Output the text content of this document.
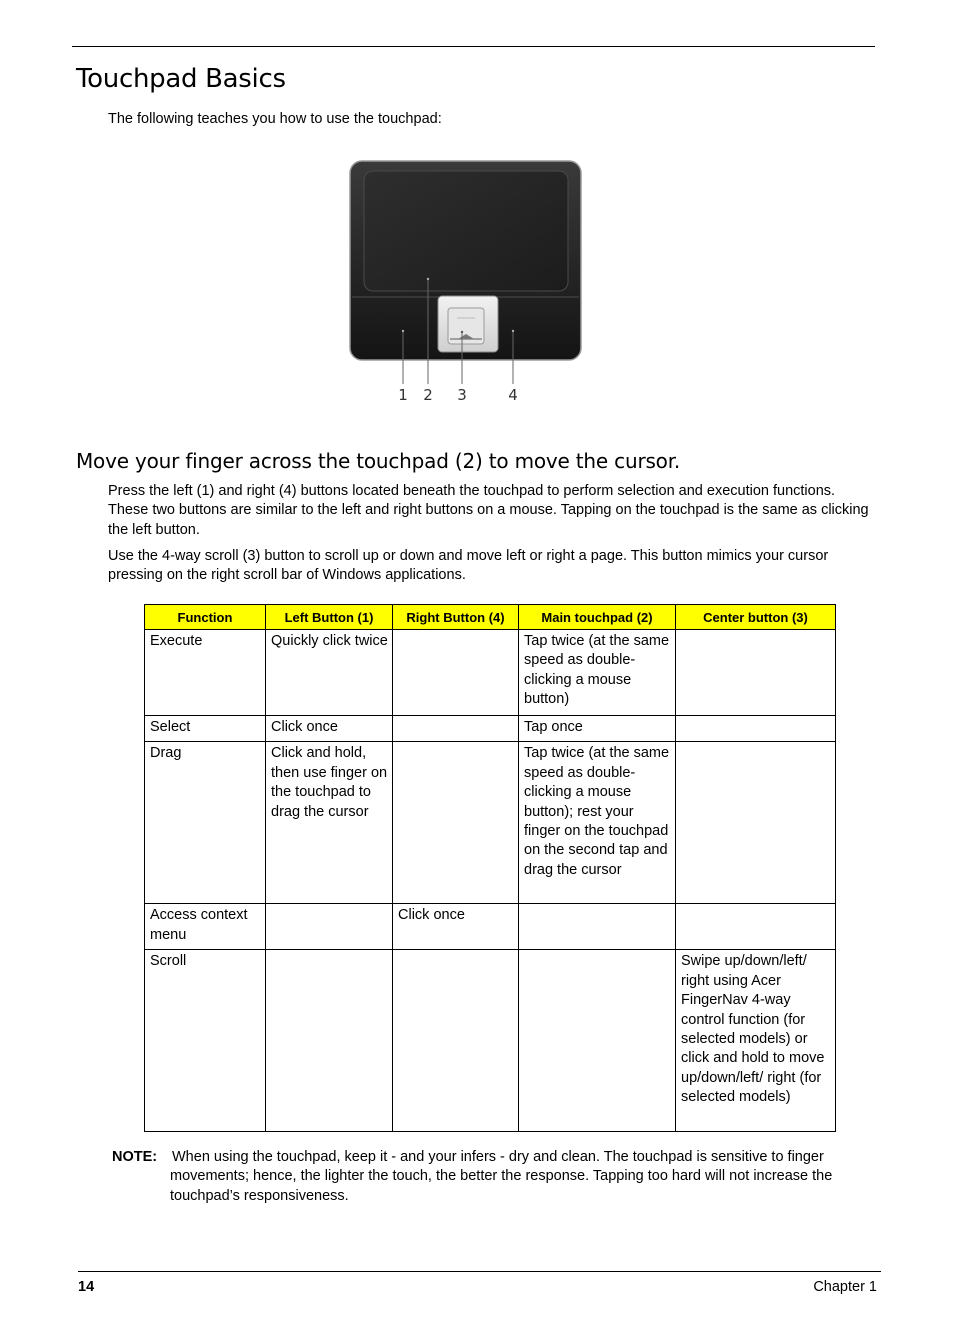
Touchpad Basics

The following teaches you how to use the touchpad:

1 2 3	4
Move your finger across the touchpad (2) to move the cursor.

Press the left (1) and right (4) buttons located beneath the touchpad to perform selection and execution functions. These two buttons are similar to the left and right buttons on a mouse. Tapping on the touchpad is the same as clicking the left button.

Use the 4-way scroll (3) button to scroll up or down and move left or right a page. This button mimics your cursor pressing on the right scroll bar of Windows applications.

Function	Left Button (1)	Right Button (4)	Main touchpad (2)	Center button (3)
Execute	Quickly click twice		Tap twice (at the same speed as double-clicking a mouse button)	
Select	Click once		Tap once	
Drag	Click and hold, then use finger on the touchpad to drag the cursor		Tap twice (at the same speed as double-clicking a mouse button); rest your finger on the touchpad on the second tap and drag the cursor	
Access context menu		Click once		
Scroll				Swipe up/down/left/ right using Acer FingerNav 4-way control function (for selected models) or click and hold to move up/down/left/ right (for selected models)
NOTE: When using the touchpad, keep it - and your infers - dry and clean. The touchpad is sensitive to finger movements; hence, the lighter the touch, the better the response. Tapping too hard will not increase the touchpad’s responsiveness.
14	Chapter 1
